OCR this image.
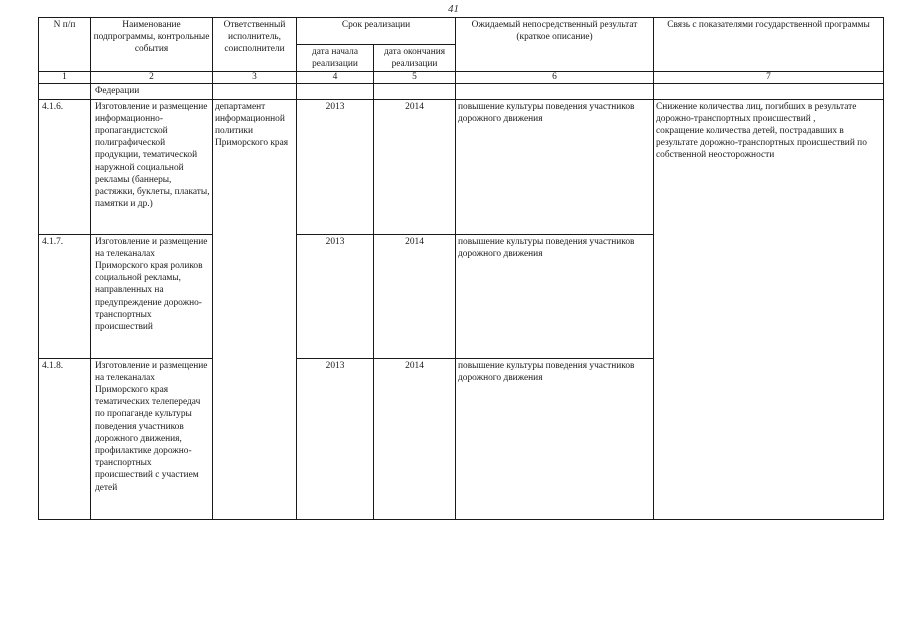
41
N п/п	Наименование подпрограммы, контрольные события	Ответственный исполнитель, соисполнители	Срок реализации		Ожидаемый непосредственный результат (краткое описание)	Связь с показателями государственной программы
			дата начала реализации	дата окончания реализации		
1	2	3	4	5	6	7
	Федерации					
4.1.6.	Изготовление и размещение информационно-пропагандистской полиграфической продукции, тематической наружной социальной рекламы (баннеры, растяжки, буклеты, плакаты, памятки и др.)	департамент информационной политики Приморского края	2013	2014	повышение культуры поведения участников дорожного движения	Снижение количества лиц, погибших в результате дорожно-транспортных происшествий ,
сокращение количества детей, пострадавших в результате дорожно-транспортных происшествий по собственной неосторожности
4.1.7.	Изготовление и размещение на телеканалах Приморского края роликов социальной рекламы, направленных на предупреждение дорожно-транспортных происшествий		2013	2014	повышение культуры поведения участников дорожного движения	
4.1.8.	Изготовление и размещение на телеканалах Приморского края тематических телепередач по пропаганде культуры поведения участников дорожного движения, профилактике дорожно-транспортных происшествий с участием детей		2013	2014	повышение культуры поведения участников дорожного движения	
